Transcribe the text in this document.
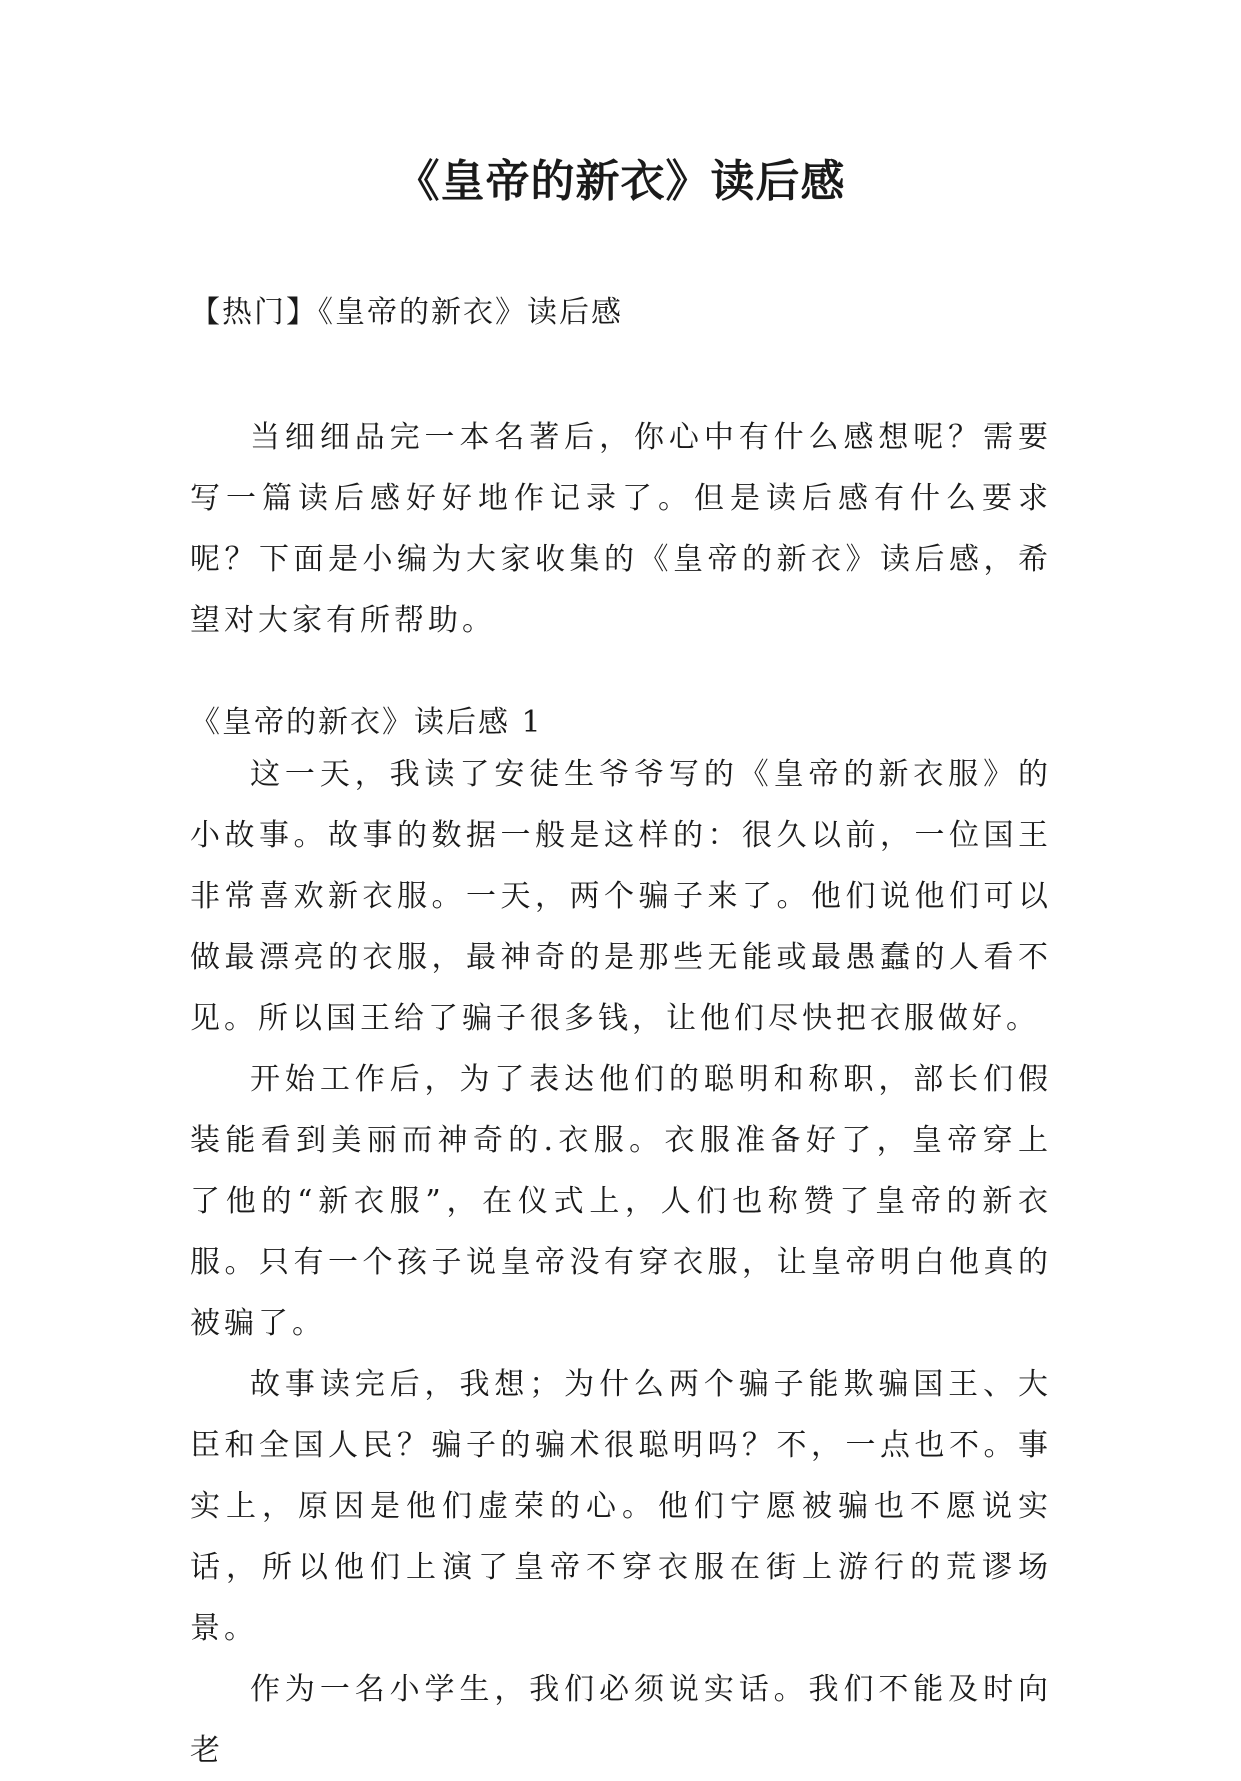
《皇帝的新衣》读后感
【热门】《皇帝的新衣》读后感

当细细品完一本名著后，你心中有什么感想呢？需要写一篇读后感好好地作记录了。但是读后感有什么要求呢？下面是小编为大家收集的《皇帝的新衣》读后感，希望对大家有所帮助。

《皇帝的新衣》读后感 1

这一天，我读了安徒生爷爷写的《皇帝的新衣服》的小故事。故事的数据一般是这样的：很久以前，一位国王非常喜欢新衣服。一天，两个骗子来了。他们说他们可以做最漂亮的衣服，最神奇的是那些无能或最愚蠢的人看不见。所以国王给了骗子很多钱，让他们尽快把衣服做好。

开始工作后，为了表达他们的聪明和称职，部长们假装能看到美丽而神奇的.衣服。衣服准备好了，皇帝穿上了他的“新衣服”，在仪式上，人们也称赞了皇帝的新衣服。只有一个孩子说皇帝没有穿衣服，让皇帝明白他真的被骗了。

故事读完后，我想；为什么两个骗子能欺骗国王、大臣和全国人民？骗子的骗术很聪明吗？不，一点也不。事实上，原因是他们虚荣的心。他们宁愿被骗也不愿说实话，所以他们上演了皇帝不穿衣服在街上游行的荒谬场景。

作为一名小学生，我们必须说实话。我们不能及时向老
